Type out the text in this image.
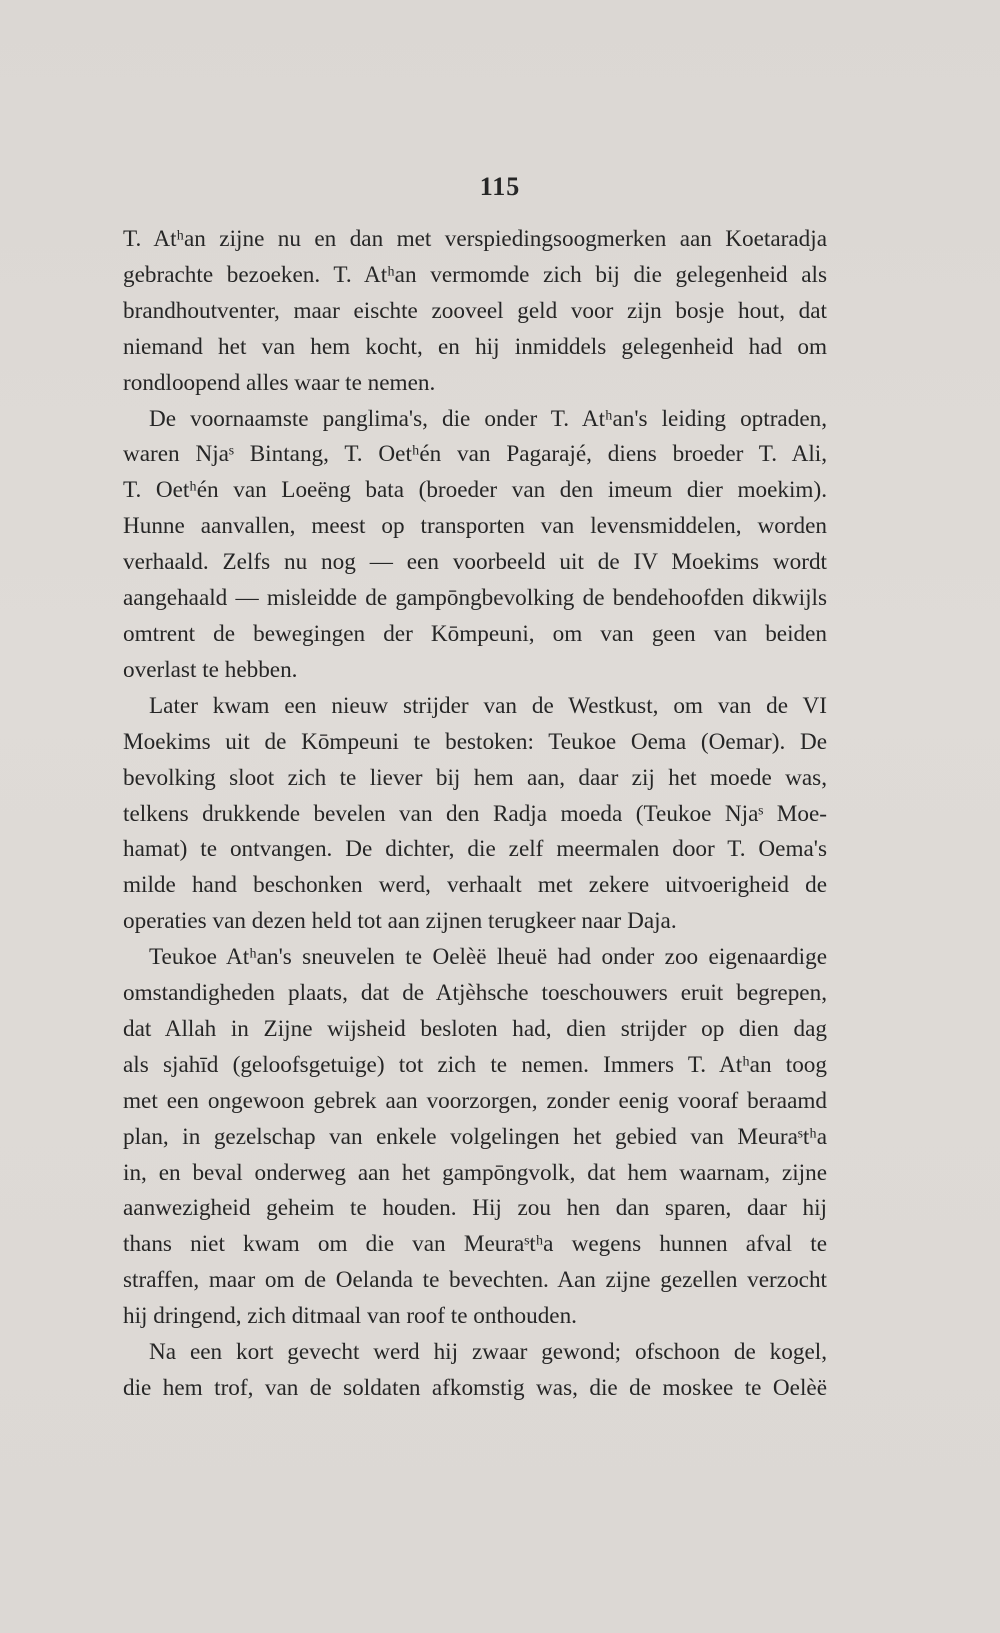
115

T. Atʰan zijne nu en dan met verspiedingsoogmerken aan Koetaradja
gebrachte bezoeken. T. Atʰan vermomde zich bij die gelegenheid als
brandhoutventer, maar eischte zooveel geld voor zijn bosje hout, dat
niemand het van hem kocht, en hij inmiddels gelegenheid had om
rondloopend alles waar te nemen.

De voornaamste panglima's, die onder T. Atʰan's leiding optraden,
waren Njaˢ Bintang, T. Oetʰén van Pagarajé, diens broeder T. Ali,
T. Oetʰén van Loeëng bata (broeder van den imeum dier moekim).
Hunne aanvallen, meest op transporten van levensmiddelen, worden
verhaald. Zelfs nu nog — een voorbeeld uit de IV Moekims wordt
aangehaald — misleidde de gampōngbevolking de bendehoofden dikwijls
omtrent de bewegingen der Kōmpeuni, om van geen van beiden
overlast te hebben.

Later kwam een nieuw strijder van de Westkust, om van de VI
Moekims uit de Kōmpeuni te bestoken: Teukoe Oema (Oemar). De
bevolking sloot zich te liever bij hem aan, daar zij het moede was,
telkens drukkende bevelen van den Radja moeda (Teukoe Njaˢ Moe-
hamat) te ontvangen. De dichter, die zelf meermalen door T. Oema's
milde hand beschonken werd, verhaalt met zekere uitvoerigheid de
operaties van dezen held tot aan zijnen terugkeer naar Daja.

Teukoe Atʰan's sneuvelen te Oelèë lheuë had onder zoo eigenaardige
omstandigheden plaats, dat de Atjèhsche toeschouwers eruit begrepen,
dat Allah in Zijne wijsheid besloten had, dien strijder op dien dag
als sjahīd (geloofsgetuige) tot zich te nemen. Immers T. Atʰan toog
met een ongewoon gebrek aan voorzorgen, zonder eenig vooraf beraamd
plan, in gezelschap van enkele volgelingen het gebied van Meuraˢtʰa
in, en beval onderweg aan het gampōngvolk, dat hem waarnam, zijne
aanwezigheid geheim te houden. Hij zou hen dan sparen, daar hij
thans niet kwam om die van Meuraˢtʰa wegens hunnen afval te
straffen, maar om de Oelanda te bevechten. Aan zijne gezellen verzocht
hij dringend, zich ditmaal van roof te onthouden.

Na een kort gevecht werd hij zwaar gewond; ofschoon de kogel,
die hem trof, van de soldaten afkomstig was, die de moskee te Oelèë
